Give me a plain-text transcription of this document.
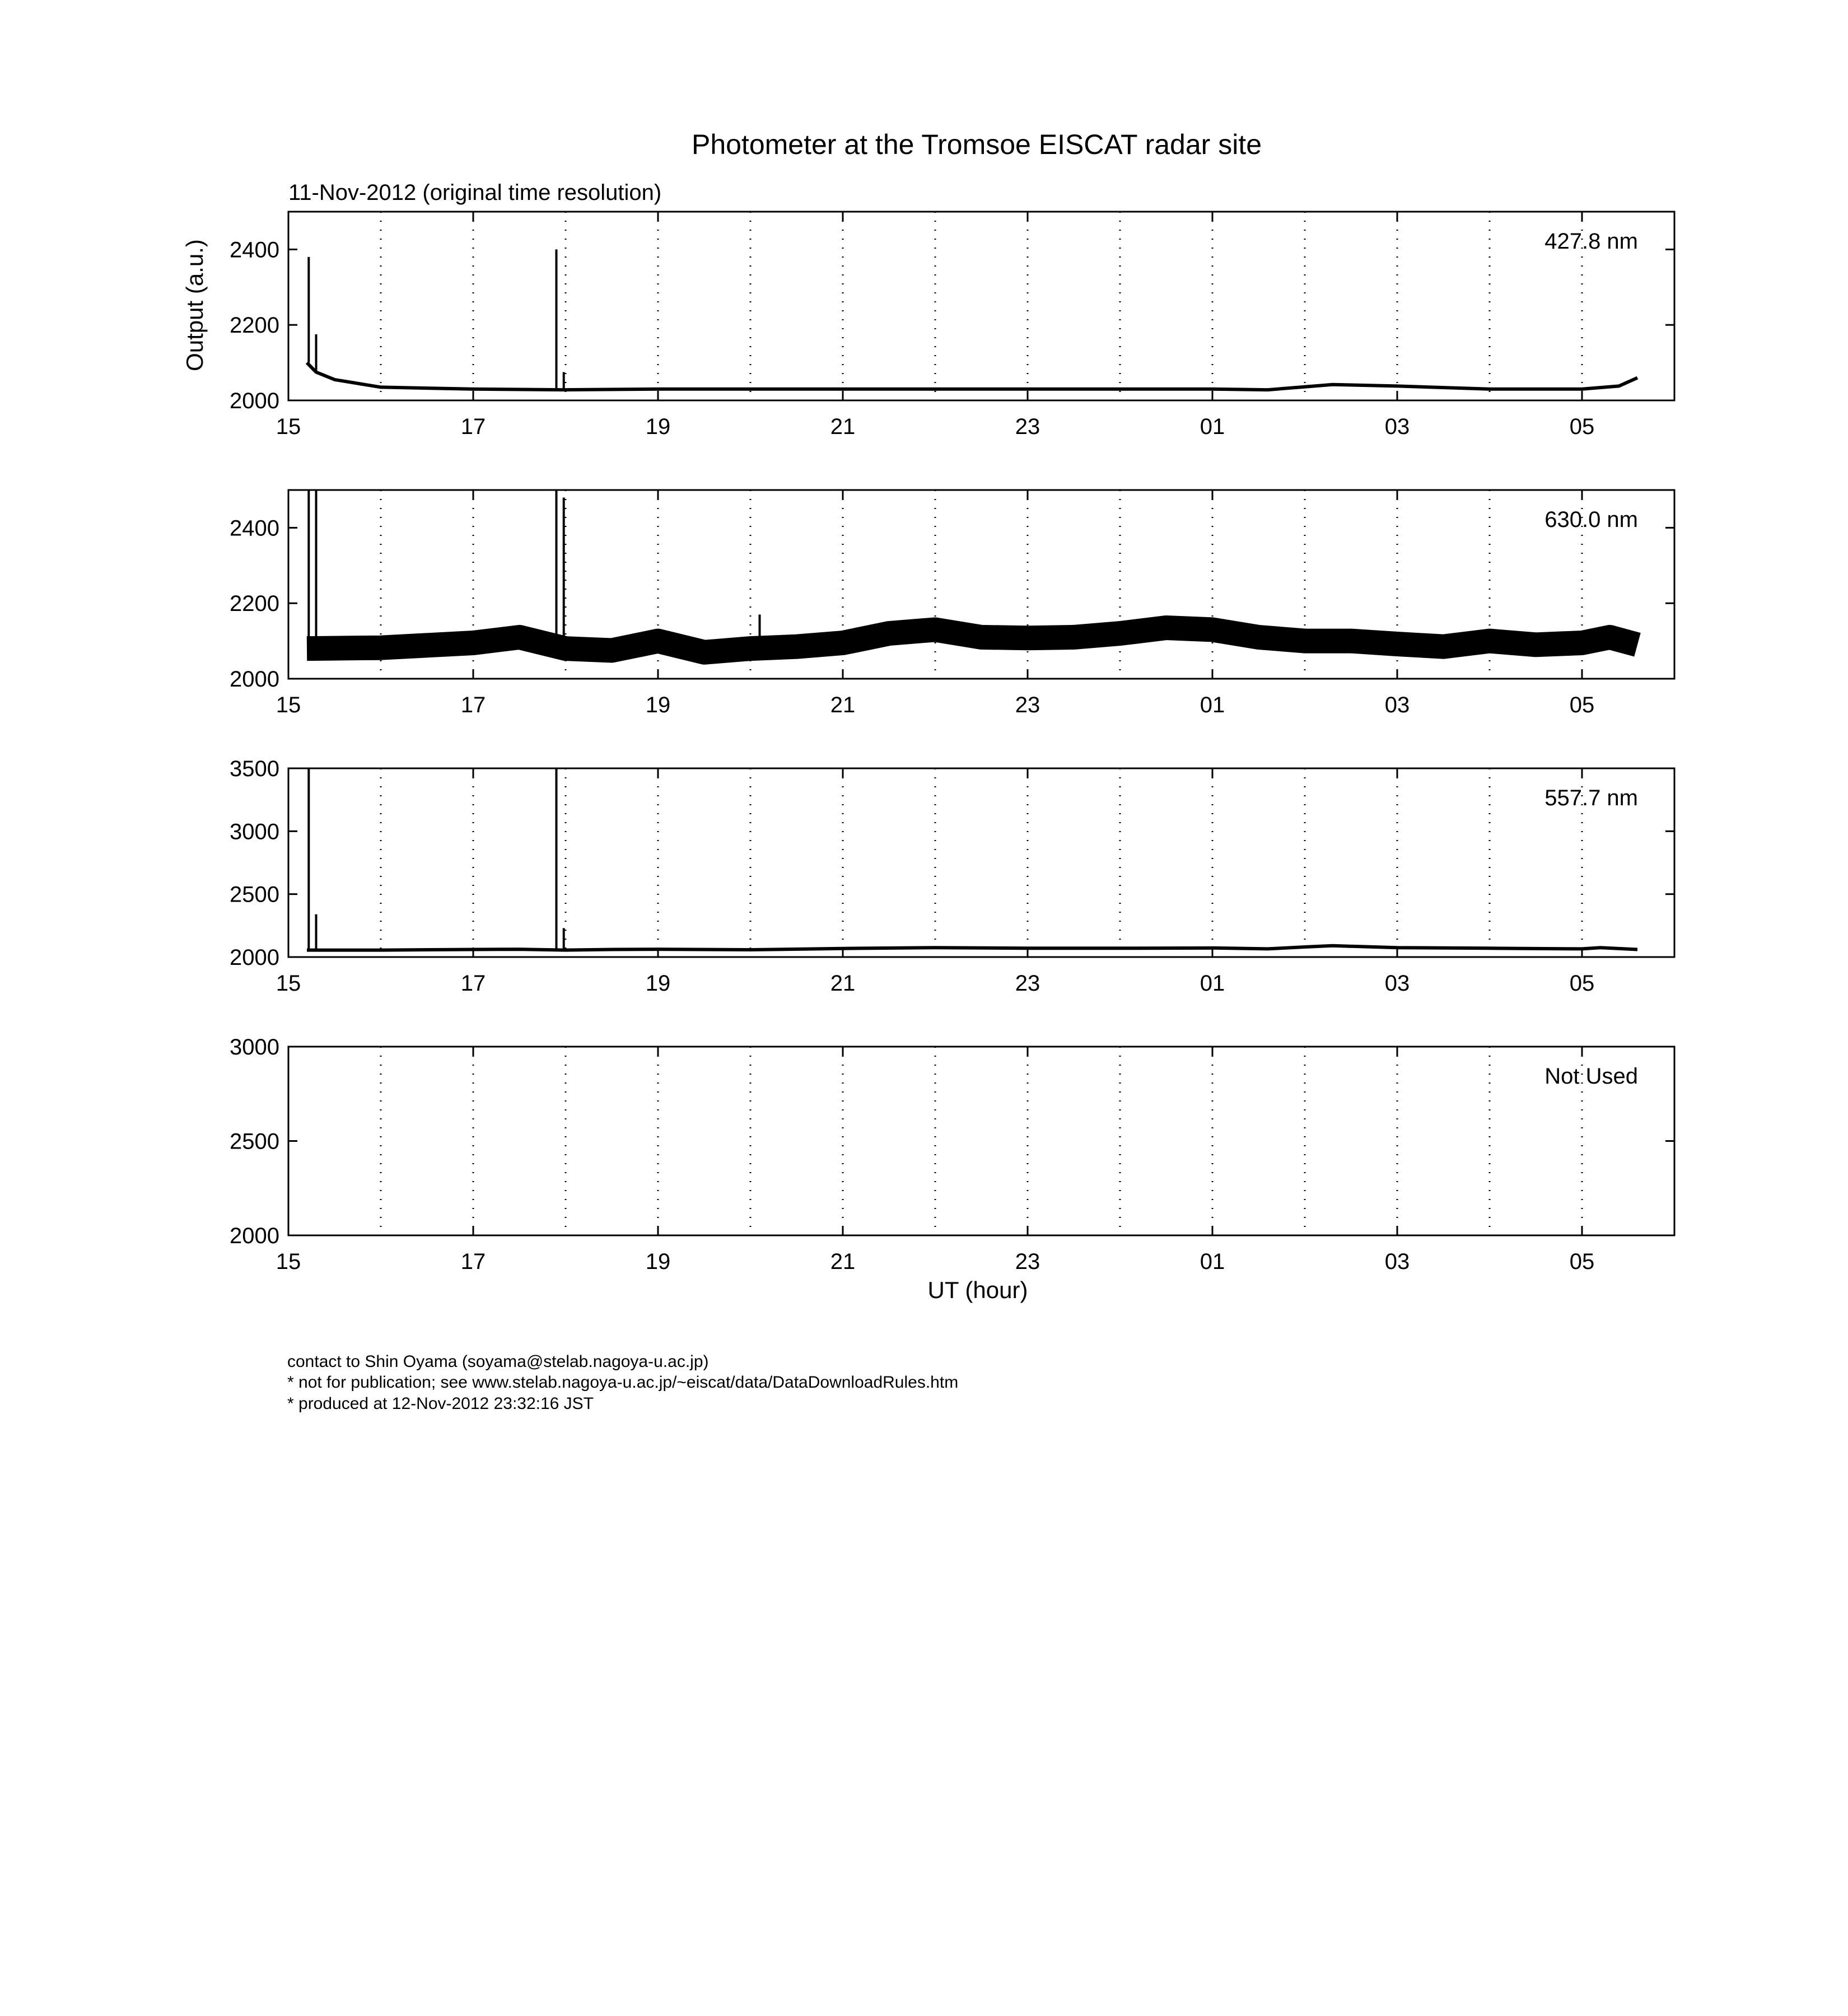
Photometer at the Tromsoe EISCAT radar site
11-Nov-2012 (original time resolution)
Output (a.u.)
UT (hour)
15	17	19	21	23	01	03	05
2000
2200
2400	427.8 nm
15	17	19	21	23	01	03	05
2000
2200
2400	630.0 nm
15	17	19	21	23	01	03	05
2000
2500
3000
3500
557.7 nm
15	17	19	21	23	01	03	05
2000
2500
3000
Not Used
contact to Shin Oyama (soyama@stelab.nagoya-u.ac.jp)
* not for publication; see www.stelab.nagoya-u.ac.jp/~eiscat/data/DataDownloadRules.htm
* produced at 12-Nov-2012 23:32:16 JST
